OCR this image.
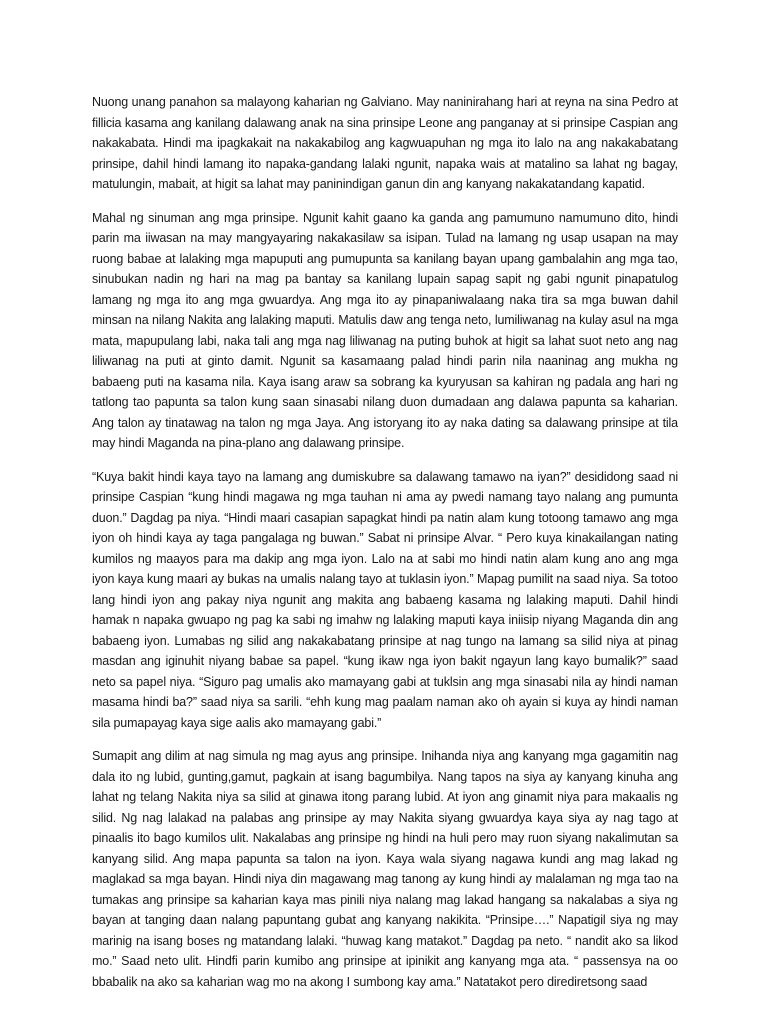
Nuong unang panahon sa malayong kaharian ng Galviano. May naninirahang hari at reyna na sina Pedro at fillicia kasama ang kanilang dalawang anak na sina prinsipe Leone ang panganay at si prinsipe Caspian ang nakakabata. Hindi ma ipagkakait na nakakabilog ang kagwuapuhan ng mga ito lalo na ang nakakabatang prinsipe, dahil hindi lamang ito napaka-gandang lalaki ngunit, napaka wais at matalino sa lahat ng bagay, matulungin, mabait, at higit sa lahat may paninindigan ganun din ang kanyang nakakatandang kapatid.

Mahal ng sinuman ang mga prinsipe. Ngunit kahit gaano ka ganda ang pamumuno namumuno dito, hindi parin ma iiwasan na may mangyayaring nakakasilaw sa isipan. Tulad na lamang ng usap usapan na may ruong babae at lalaking mga mapuputi ang pumupunta sa kanilang bayan upang gambalahin ang mga tao, sinubukan nadin ng hari na mag pa bantay sa kanilang lupain sapag sapit ng gabi ngunit pinapatulog lamang ng mga ito ang mga gwuardya. Ang mga ito ay pinapaniwalaang naka tira sa mga buwan dahil minsan na nilang Nakita ang lalaking maputi. Matulis daw ang tenga neto, lumiliwanag na kulay asul na mga mata, mapupulang labi, naka tali ang mga nag liliwanag na puting buhok at higit sa lahat suot neto ang nag liliwanag na puti at ginto damit. Ngunit sa kasamaang palad hindi parin nila naaninag ang mukha ng babaeng puti na kasama nila. Kaya isang araw sa sobrang ka kyuryusan sa kahiran ng padala ang hari ng tatlong tao papunta sa talon kung saan sinasabi nilang duon dumadaan ang dalawa papunta sa kaharian. Ang talon ay tinatawag na talon ng mga Jaya. Ang istoryang ito ay naka dating sa dalawang prinsipe at tila may hindi Maganda na pina-plano ang dalawang prinsipe.

“Kuya bakit hindi kaya tayo na lamang ang dumiskubre sa dalawang tamawo na iyan?” desididong saad ni prinsipe Caspian “kung hindi magawa ng mga tauhan ni ama ay pwedi namang tayo nalang ang pumunta duon.” Dagdag pa niya. “Hindi maari casapian sapagkat hindi pa natin alam kung totoong tamawo ang mga iyon oh hindi kaya ay taga pangalaga ng buwan.” Sabat ni prinsipe Alvar. “ Pero kuya kinakailangan nating kumilos ng maayos para ma dakip ang mga iyon. Lalo na at sabi mo hindi natin alam kung ano ang mga iyon kaya kung maari ay bukas na umalis nalang tayo at tuklasin iyon.” Mapag pumilit na saad niya. Sa totoo lang hindi iyon ang pakay niya ngunit ang makita ang babaeng kasama ng lalaking maputi. Dahil hindi hamak n napaka gwuapo ng pag ka sabi ng imahw ng lalaking maputi kaya iniisip niyang Maganda din ang babaeng iyon. Lumabas ng silid ang nakakabatang prinsipe at nag tungo na lamang sa silid niya at pinag masdan ang iginuhit niyang babae sa papel. “kung ikaw nga iyon bakit ngayun lang kayo bumalik?” saad neto sa papel niya. “Siguro pag umalis ako mamayang gabi at tuklsin ang mga sinasabi nila ay hindi naman masama hindi ba?” saad niya sa sarili. “ehh kung mag paalam naman ako oh ayain si kuya ay hindi naman sila pumapayag kaya sige aalis ako mamayang gabi.”

Sumapit ang dilim at nag simula ng mag ayus ang prinsipe. Inihanda niya ang kanyang mga gagamitin nag dala ito ng lubid, gunting,gamut, pagkain at isang bagumbilya. Nang tapos na siya ay kanyang kinuha ang lahat ng telang Nakita niya sa silid at ginawa itong parang lubid. At iyon ang ginamit niya para makaalis ng silid. Ng nag lalakad na palabas ang prinsipe ay may Nakita siyang gwuardya kaya siya ay nag tago at pinaalis ito bago kumilos ulit. Nakalabas ang prinsipe ng hindi na huli pero may ruon siyang nakalimutan sa kanyang silid. Ang mapa papunta sa talon na iyon. Kaya wala siyang nagawa kundi ang mag lakad ng maglakad sa mga bayan. Hindi niya din magawang mag tanong ay kung hindi ay malalaman ng mga tao na tumakas ang prinsipe sa kaharian kaya mas pinili niya nalang mag lakad hangang sa nakalabas a siya ng bayan at tanging daan nalang papuntang gubat ang kanyang nakikita. “Prinsipe….” Napatigil siya ng may marinig na isang boses ng matandang lalaki. “huwag kang matakot.” Dagdag pa neto. “ nandit ako sa likod mo.” Saad neto ulit. Hindfi parin kumibo ang prinsipe at ipinikit ang kanyang mga ata. “ passensya na oo bbabalik na ako sa kaharian wag mo na akong I sumbong kay ama.” Natatakot pero dirediretsong saad
